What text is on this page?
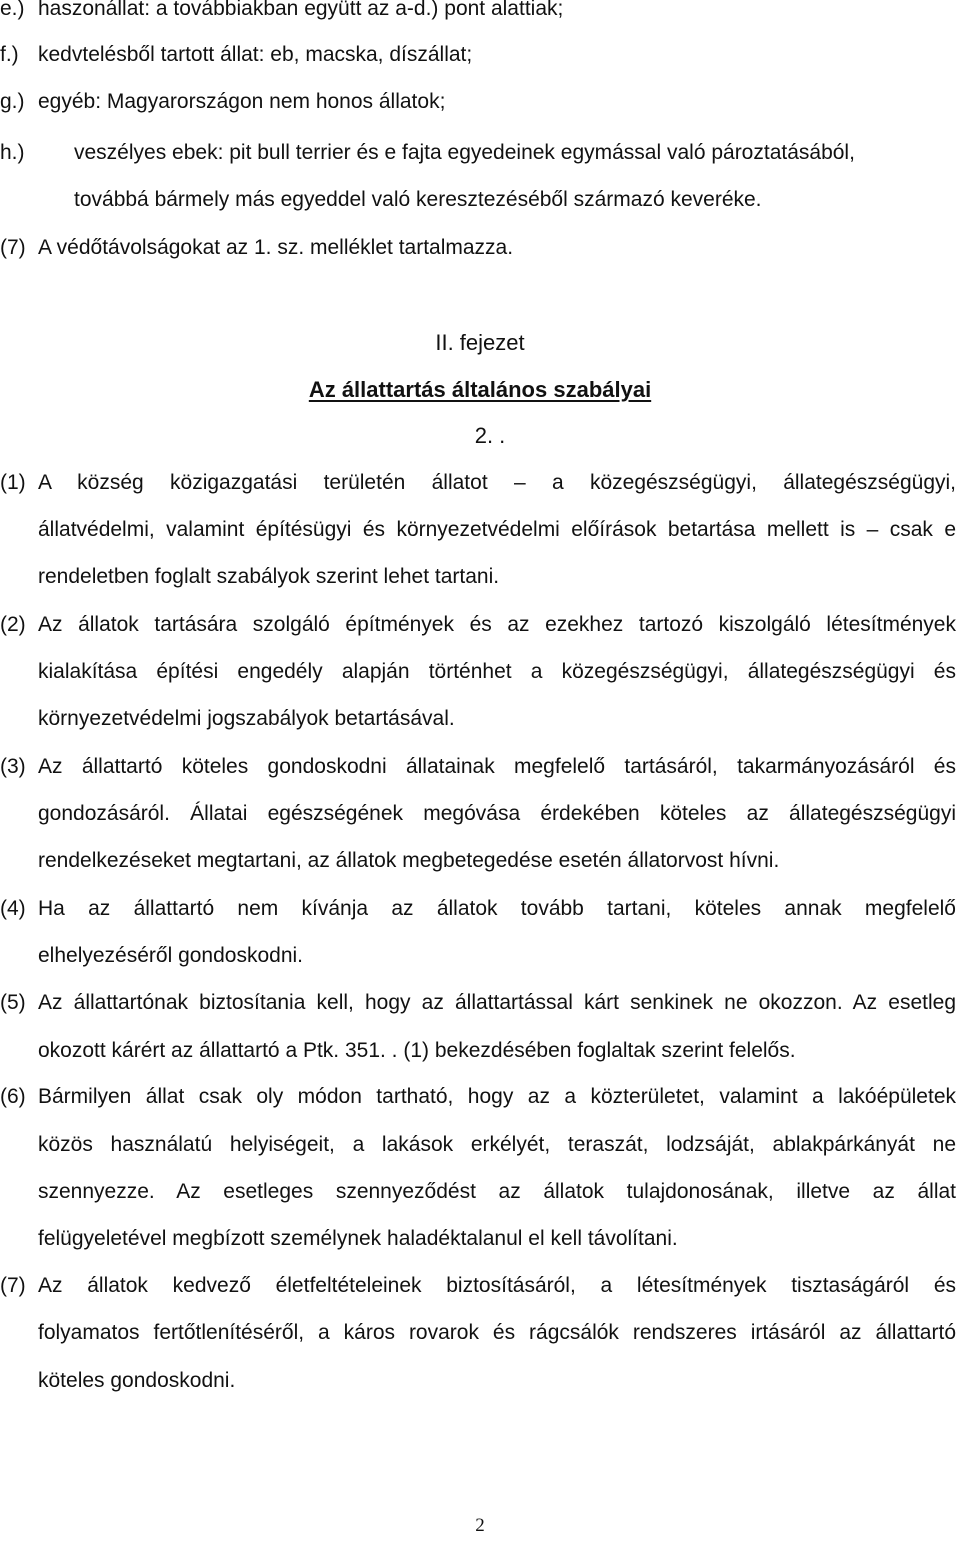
e.) haszonállat: a továbbiakban együtt az a-d.) pont alattiak;
f.) kedvtelésből tartott állat: eb, macska, díszállat;
g.) egyéb: Magyarországon nem honos állatok;
h.) veszélyes ebek: pit bull terrier és e fajta egyedeinek egymással való pároztatásából,
továbbá bármely más egyeddel való keresztezéséből származó keveréke.
(7) A védőtávolságokat az 1. sz. melléklet tartalmazza.
II. fejezet
Az állattartás általános szabályai
2. .
(1) A község közigazgatási területén állatot – a közegészségügyi, állategészségügyi,
állatvédelmi, valamint építésügyi és környezetvédelmi előírások betartása mellett is – csak e
rendeletben foglalt szabályok szerint lehet tartani.
(2) Az állatok tartására szolgáló építmények és az ezekhez tartozó kiszolgáló létesítmények
kialakítása építési engedély alapján történhet a közegészségügyi, állategészségügyi és
környezetvédelmi jogszabályok betartásával.
(3) Az állattartó köteles gondoskodni állatainak megfelelő tartásáról, takarmányozásáról és
gondozásáról. Állatai egészségének megóvása érdekében köteles az állategészségügyi
rendelkezéseket megtartani, az állatok megbetegedése esetén állatorvost hívni.
(4) Ha az állattartó nem kívánja az állatok tovább tartani, köteles annak megfelelő
elhelyezéséről gondoskodni.
(5) Az állattartónak biztosítania kell, hogy az állattartással kárt senkinek ne okozzon. Az esetleg
okozott kárért az állattartó a Ptk. 351. . (1) bekezdésében foglaltak szerint felelős.
(6) Bármilyen állat csak oly módon tartható, hogy az a közterületet, valamint a lakóépületek
közös használatú helyiségeit, a lakások erkélyét, teraszát, lodzsáját, ablakpárkányát ne
szennyezze. Az esetleges szennyeződést az állatok tulajdonosának, illetve az állat
felügyeletével megbízott személynek haladéktalanul el kell távolítani.
(7) Az állatok kedvező életfeltételeinek biztosításáról, a létesítmények tisztaságáról és
folyamatos fertőtlenítéséről, a káros rovarok és rágcsálók rendszeres irtásáról az állattartó
köteles gondoskodni.
2
